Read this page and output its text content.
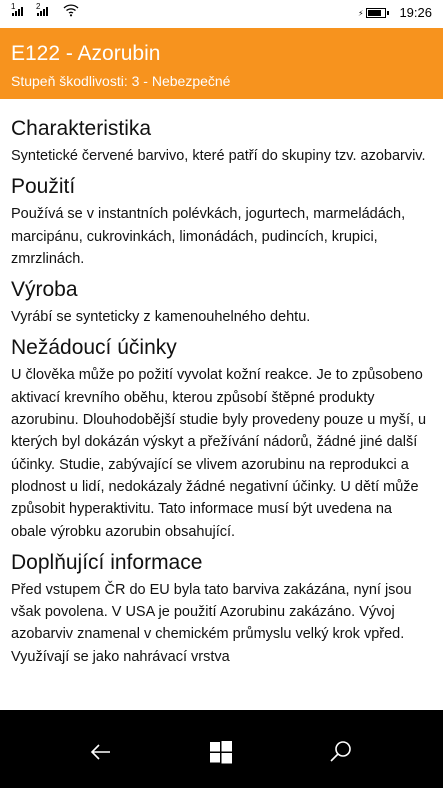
1	2
⚡	19:26
E122 - Azorubin
Stupeň škodlivosti: 3 - Nebezpečné
Charakteristika

Syntetické červené barvivo, které patří do skupiny tzv. azobarviv.

Použití

Používá se v instantních polévkách, jogurtech, marmeládách, marcipánu, cukrovinkách, limonádách, pudincích, krupici, zmrzlinách.

Výroba

Vyrábí se synteticky z kamenouhelného dehtu.

Nežádoucí účinky

U člověka může po požití vyvolat kožní reakce. Je to způsobeno aktivací krevního oběhu, kterou způsobí štěpné produkty azorubinu. Dlouhodobější studie byly provedeny pouze u myší, u kterých byl dokázán výskyt a přežívání nádorů, žádné jiné další účinky. Studie, zabývající se vlivem azorubinu na reprodukci a plodnost u lidí, nedokázaly žádné negativní účinky. U dětí může způsobit hyperaktivitu. Tato informace musí být uvedena na obale výrobku azorubin obsahující.

Doplňující informace

Před vstupem ČR do EU byla tato barviva zakázána, nyní jsou však povolena. V USA je použití Azorubinu zakázáno. Vývoj azobarviv znamenal v chemickém průmyslu velký krok vpřed. Využívají se jako nahrávací vrstva
